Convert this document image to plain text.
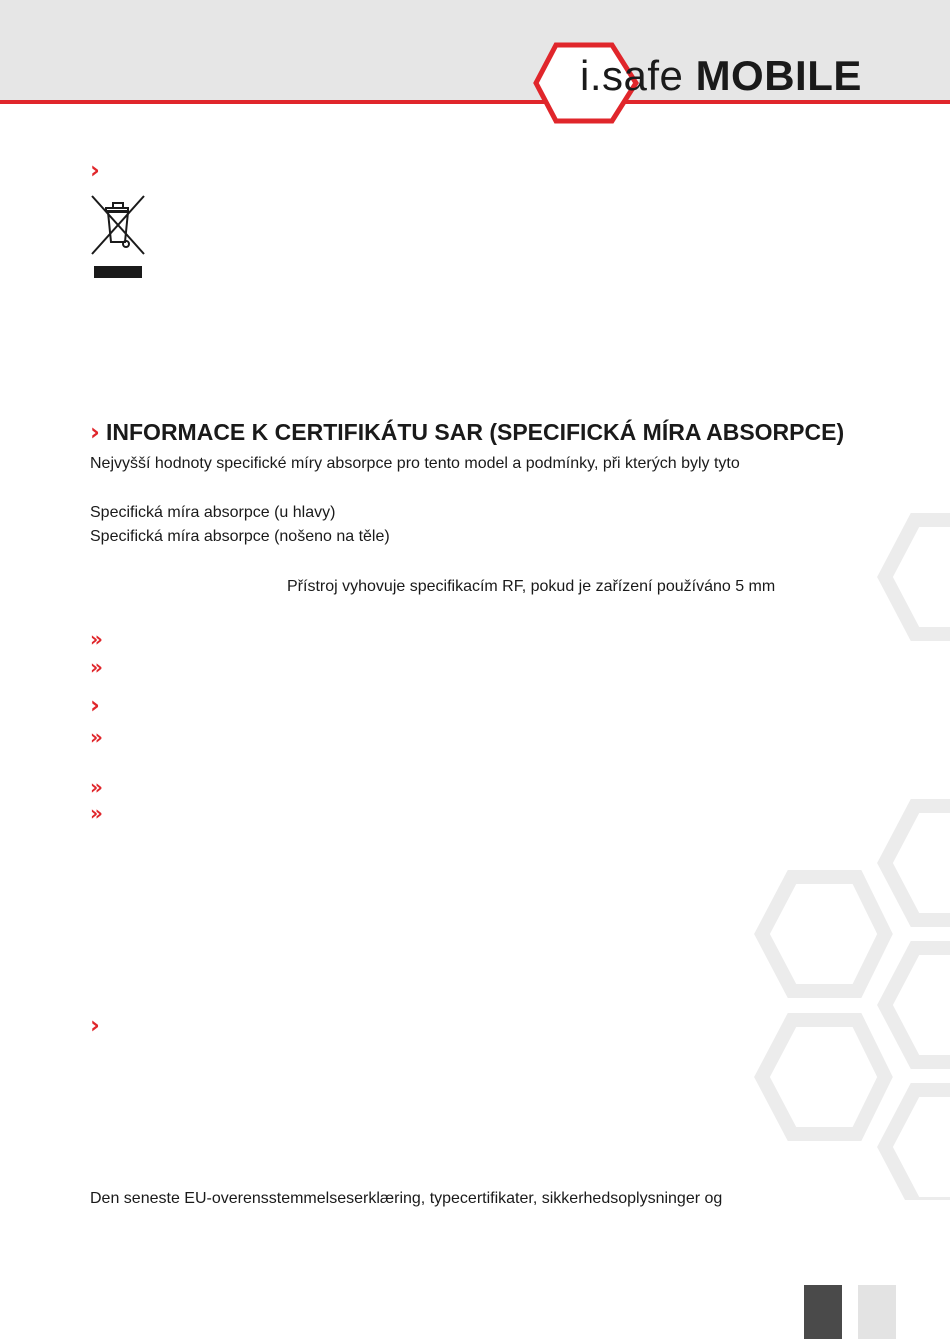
i.safe MOBILE
›
› INFORMACE K CERTIFIKÁTU SAR (SPECIFICKÁ MÍRA ABSORPCE)
Nejvyšší hodnoty specifické míry absorpce pro tento model a podmínky, při kterých byly tyto
Specifická míra absorpce (u hlavy)
Specifická míra absorpce (nošeno na těle)
Přístroj vyhovuje specifikacím RF, pokud je zařízení používáno 5 mm
»
»
›
»
»
»
›
Den seneste EU-overensstemmelseserklæring, typecertifikater, sikkerhedsoplysninger og
